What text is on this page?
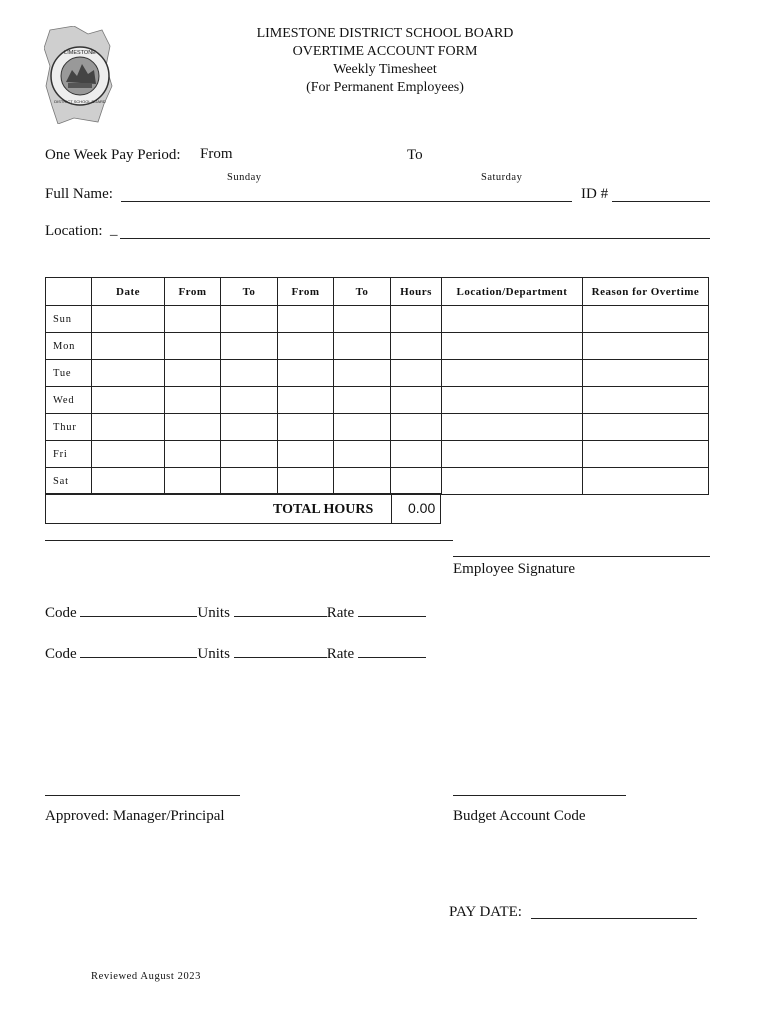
LIMESTONE
DISTRICT SCHOOL BOARD
LIMESTONE DISTRICT SCHOOL BOARD
OVERTIME ACCOUNT FORM
Weekly Timesheet
(For Permanent Employees)
One Week Pay Period: From	To
Sunday	Saturday
Full Name:	ID #
Location: _
	Date	From	To	From	To	Hours	Location/Department	Reason for Overtime
Sun								
Mon								
Tue								
Wed								
Thur								
Fri								
Sat								
TOTAL HOURS 0.00
Employee Signature
Code	Units	Rate
Code	Units	Rate
Approved: Manager/Principal	Budget Account Code
PAY DATE:
Reviewed August 2023
